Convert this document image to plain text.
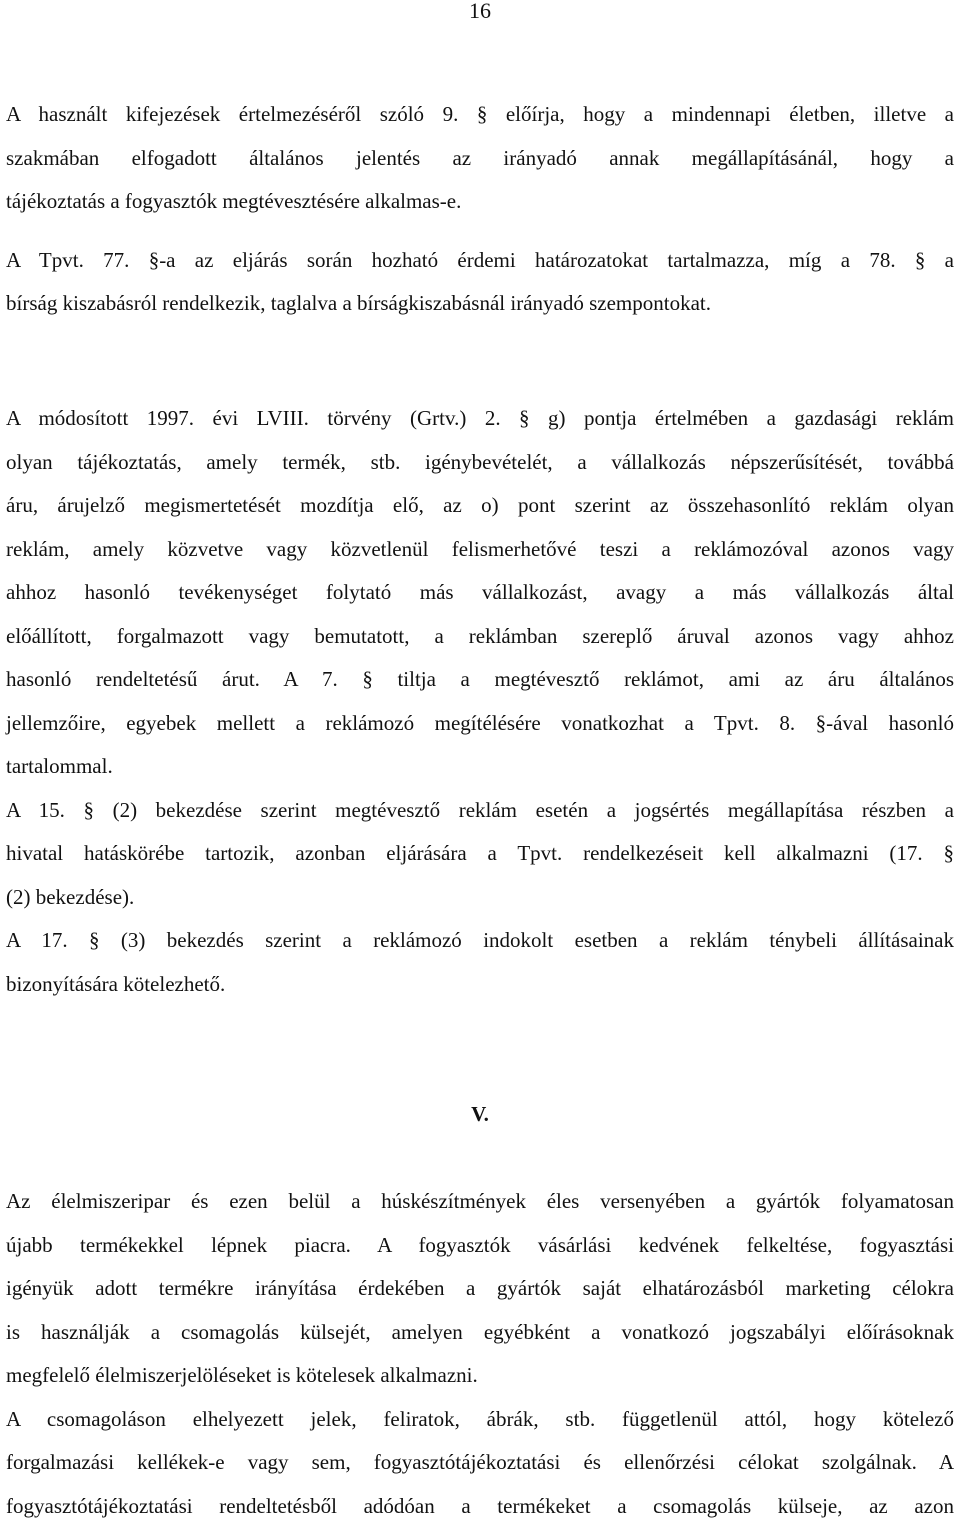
16
A használt kifejezések értelmezéséről szóló 9. § előírja, hogy a mindennapi életben, illetve a
szakmában elfogadott általános jelentés az irányadó annak megállapításánál, hogy a
tájékoztatás a fogyasztók megtévesztésére alkalmas-e.
A Tpvt. 77. §-a az eljárás során hozható érdemi határozatokat tartalmazza, míg a 78. § a
bírság kiszabásról rendelkezik, taglalva a bírságkiszabásnál irányadó szempontokat.
A módosított 1997. évi LVIII. törvény (Grtv.) 2. § g) pontja értelmében a gazdasági reklám
olyan tájékoztatás, amely termék, stb. igénybevételét, a vállalkozás népszerűsítését, továbbá
áru, árujelző megismertetését mozdítja elő, az o) pont szerint az összehasonlító reklám olyan
reklám, amely közvetve vagy közvetlenül felismerhetővé teszi a reklámozóval azonos vagy
ahhoz hasonló tevékenységet folytató más vállalkozást, avagy a más vállalkozás által
előállított, forgalmazott vagy bemutatott, a reklámban szereplő áruval azonos vagy ahhoz
hasonló rendeltetésű árut. A 7. § tiltja a megtévesztő reklámot, ami az áru általános
jellemzőire, egyebek mellett a reklámozó megítélésére vonatkozhat a Tpvt. 8. §-ával hasonló
tartalommal.
A 15. § (2) bekezdése szerint megtévesztő reklám esetén a jogsértés megállapítása részben a
hivatal hatáskörébe tartozik, azonban eljárására a Tpvt. rendelkezéseit kell alkalmazni (17. §
(2) bekezdése).
A 17. § (3) bekezdés szerint a reklámozó indokolt esetben a reklám ténybeli állításainak
bizonyítására kötelezhető.
V.
Az élelmiszeripar és ezen belül a húskészítmények éles versenyében a gyártók folyamatosan
újabb termékekkel lépnek piacra. A fogyasztók vásárlási kedvének felkeltése, fogyasztási
igényük adott termékre irányítása érdekében a gyártók saját elhatározásból marketing célokra
is használják a csomagolás külsejét, amelyen egyébként a vonatkozó jogszabályi előírásoknak
megfelelő élelmiszerjelöléseket is kötelesek alkalmazni.
A csomagoláson elhelyezett jelek, feliratok, ábrák, stb. függetlenül attól, hogy kötelező
forgalmazási kellékek-e vagy sem, fogyasztótájékoztatási és ellenőrzési célokat szolgálnak. A
fogyasztótájékoztatási rendeltetésből adódóan a termékeket a csomagolás külseje, az azon
